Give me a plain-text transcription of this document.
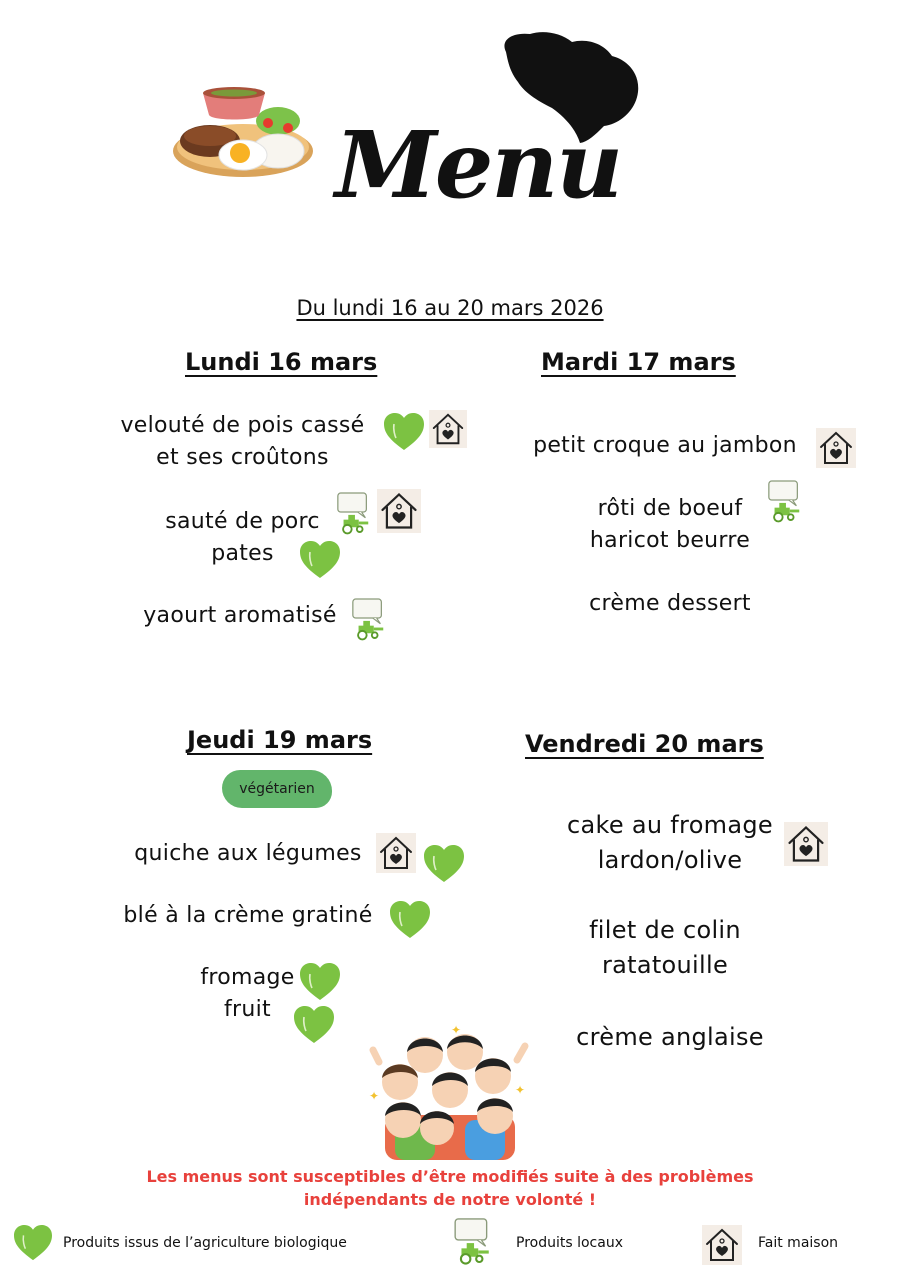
Menu
Du lundi 16 au 20 mars 2026
Lundi 16 mars
velouté de pois cassé
et ses croûtons
sauté de porc
pates
yaourt aromatisé
Mardi 17 mars
petit croque au jambon
rôti de boeuf
haricot beurre
crème dessert
Jeudi 19 mars
végétarien
quiche aux légumes
blé à la crème gratiné
fromage
fruit
Vendredi 20 mars
cake au fromage
lardon/olive
filet de colin
ratatouille
crème anglaise
✦
✦
✦
Les menus sont susceptibles d’être modifiés suite à des problèmes
indépendants de notre volonté !
Produits issus de l’agriculture biologique	Produits locaux	Fait maison
